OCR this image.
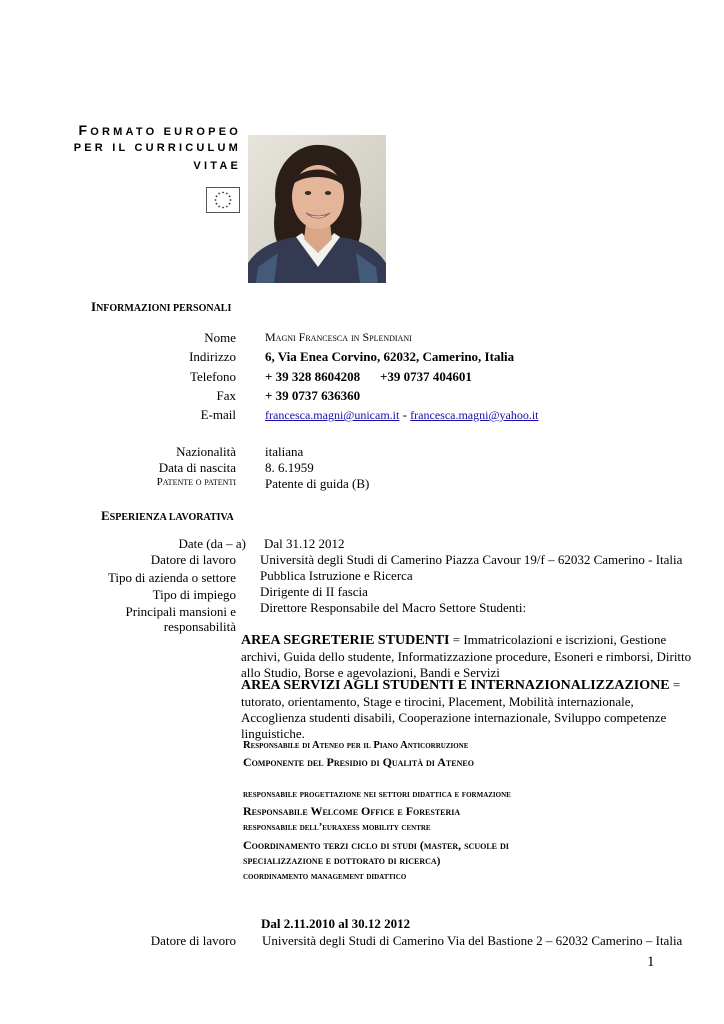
FORMATO EUROPEO
PER IL CURRICULUM
VITAE
INFORMAZIONI PERSONALI
Nome Magni Francesca in Splendiani
Indirizzo 6, Via Enea Corvino, 62032, Camerino, Italia
Telefono + 39 328 8604208 +39 0737 404601
Fax + 39 0737 636360
E-mail francesca.magni@unicam.it - francesca.magni@yahoo.it
Nazionalità italiana
Data di nascita 8. 6.1959
Patente o patenti Patente di guida (B)
ESPERIENZA LAVORATIVA
Date (da – a) Dal 31.12 2012
Datore di lavoro Università degli Studi di Camerino Piazza Cavour 19/f – 62032 Camerino - Italia
Tipo di azienda o settore Pubblica Istruzione e Ricerca
Tipo di impiego Dirigente di II fascia
Principali mansioni e
responsabilità
Direttore Responsabile del Macro Settore Studenti:
AREA SEGRETERIE STUDENTI = Immatricolazioni e iscrizioni, Gestione archivi, Guida dello studente, Informatizzazione procedure, Esoneri e rimborsi, Diritto allo Studio, Borse e agevolazioni, Bandi e Servizi
AREA SERVIZI AGLI STUDENTI E INTERNAZIONALIZZAZIONE = tutorato, orientamento, Stage e tirocini, Placement, Mobilità internazionale, Accoglienza studenti disabili, Cooperazione internazionale, Sviluppo competenze linguistiche.
Responsabile di Ateneo per il Piano Anticorruzione
Componente del Presidio di Qualità di Ateneo
responsabile progettazione nei settori didattica e formazione
Responsabile Welcome Office e Foresteria
responsabile dell’euraxess mobility centre
Coordinamento terzi ciclo di studi (master, scuole di
specializzazione e dottorato di ricerca)
coordinamento management didattico
Dal 2.11.2010 al 30.12 2012
Datore di lavoro Università degli Studi di Camerino Via del Bastione 2 – 62032 Camerino – Italia
1
